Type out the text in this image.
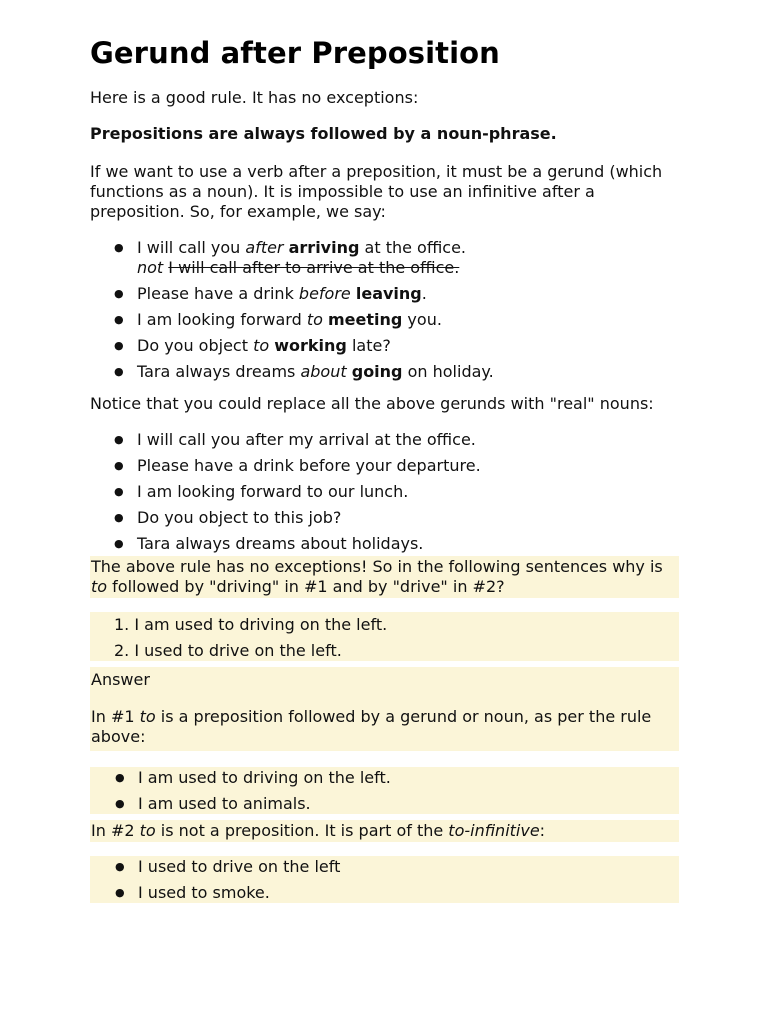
Gerund after Preposition

Here is a good rule. It has no exceptions:

Prepositions are always followed by a noun-phrase.

If we want to use a verb after a preposition, it must be a gerund (which functions as a noun). It is impossible to use an infinitive after a preposition. So, for example, we say:

● I will call you after arriving at the office.
not I will call after to arrive at the office.
● Please have a drink before leaving.
● I am looking forward to meeting you.
● Do you object to working late?
● Tara always dreams about going on holiday.

Notice that you could replace all the above gerunds with "real" nouns:

● I will call you after my arrival at the office.
● Please have a drink before your departure.
● I am looking forward to our lunch.
● Do you object to this job?
● Tara always dreams about holidays.

The above rule has no exceptions! So in the following sentences why is to followed by "driving" in #1 and by "drive" in #2?

1. I am used to driving on the left.
2. I used to drive on the left.

Answer

In #1 to is a preposition followed by a gerund or noun, as per the rule above:

● I am used to driving on the left.
● I am used to animals.

In #2 to is not a preposition. It is part of the to-infinitive:

● I used to drive on the left
● I used to smoke.
